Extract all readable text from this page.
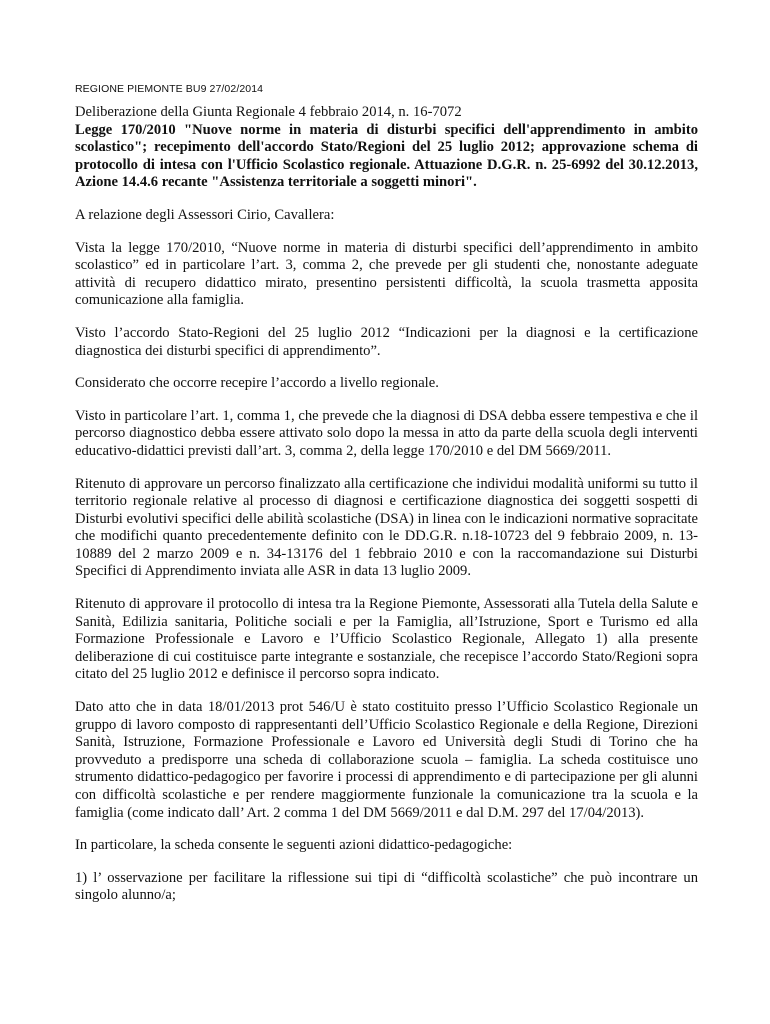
REGIONE PIEMONTE BU9 27/02/2014

Deliberazione della Giunta Regionale 4 febbraio 2014, n. 16-7072

Legge 170/2010 "Nuove norme in materia di disturbi specifici dell'apprendimento in ambito scolastico"; recepimento dell'accordo Stato/Regioni del 25 luglio 2012; approvazione schema di protocollo di intesa con l'Ufficio Scolastico regionale. Attuazione D.G.R. n. 25-6992 del 30.12.2013, Azione 14.4.6 recante "Assistenza territoriale a soggetti minori".

A relazione degli Assessori Cirio, Cavallera:

Vista la legge 170/2010, “Nuove norme in materia di disturbi specifici dell’apprendimento in ambito scolastico” ed in particolare l’art. 3, comma 2, che prevede per gli studenti che, nonostante adeguate attività di recupero didattico mirato, presentino persistenti difficoltà, la scuola trasmetta apposita comunicazione alla famiglia.

Visto l’accordo Stato-Regioni del 25 luglio 2012 “Indicazioni per la diagnosi e la certificazione diagnostica dei disturbi specifici di apprendimento”.

Considerato che occorre recepire l’accordo a livello regionale.

Visto in particolare l’art. 1, comma 1, che prevede che la diagnosi di DSA debba essere tempestiva e che il percorso diagnostico debba essere attivato solo dopo la messa in atto da parte della scuola degli interventi educativo-didattici previsti dall’art. 3, comma 2, della legge 170/2010 e del DM 5669/2011.

Ritenuto di approvare un percorso finalizzato alla certificazione che individui modalità uniformi su tutto il territorio regionale relative al processo di diagnosi e certificazione diagnostica dei soggetti sospetti di Disturbi evolutivi specifici delle abilità scolastiche (DSA) in linea con le indicazioni normative sopracitate che modifichi quanto precedentemente definito con le DD.G.R. n.18-10723 del 9 febbraio 2009, n. 13-10889 del 2 marzo 2009 e n. 34-13176 del 1 febbraio 2010 e con la raccomandazione sui Disturbi Specifici di Apprendimento inviata alle ASR in data 13 luglio 2009.

Ritenuto di approvare il protocollo di intesa tra la Regione Piemonte, Assessorati alla Tutela della Salute e Sanità, Edilizia sanitaria, Politiche sociali e per la Famiglia, all’Istruzione, Sport e Turismo ed alla Formazione Professionale e Lavoro e l’Ufficio Scolastico Regionale, Allegato 1) alla presente deliberazione di cui costituisce parte integrante e sostanziale, che recepisce l’accordo Stato/Regioni sopra citato del 25 luglio 2012 e definisce il percorso sopra indicato.

Dato atto che in data 18/01/2013 prot 546/U è stato costituito presso l’Ufficio Scolastico Regionale un gruppo di lavoro composto di rappresentanti dell’Ufficio Scolastico Regionale e della Regione, Direzioni Sanità, Istruzione, Formazione Professionale e Lavoro ed Università degli Studi di Torino che ha provveduto a predisporre una scheda di collaborazione scuola – famiglia. La scheda costituisce uno strumento didattico-pedagogico per favorire i processi di apprendimento e di partecipazione per gli alunni con difficoltà scolastiche e per rendere maggiormente funzionale la comunicazione tra la scuola e la famiglia (come indicato dall’ Art. 2 comma 1 del DM 5669/2011 e dal D.M. 297 del 17/04/2013).

In particolare, la scheda consente le seguenti azioni didattico-pedagogiche:

1) l’ osservazione per facilitare la riflessione sui tipi di “difficoltà scolastiche” che può incontrare un singolo alunno/a;
